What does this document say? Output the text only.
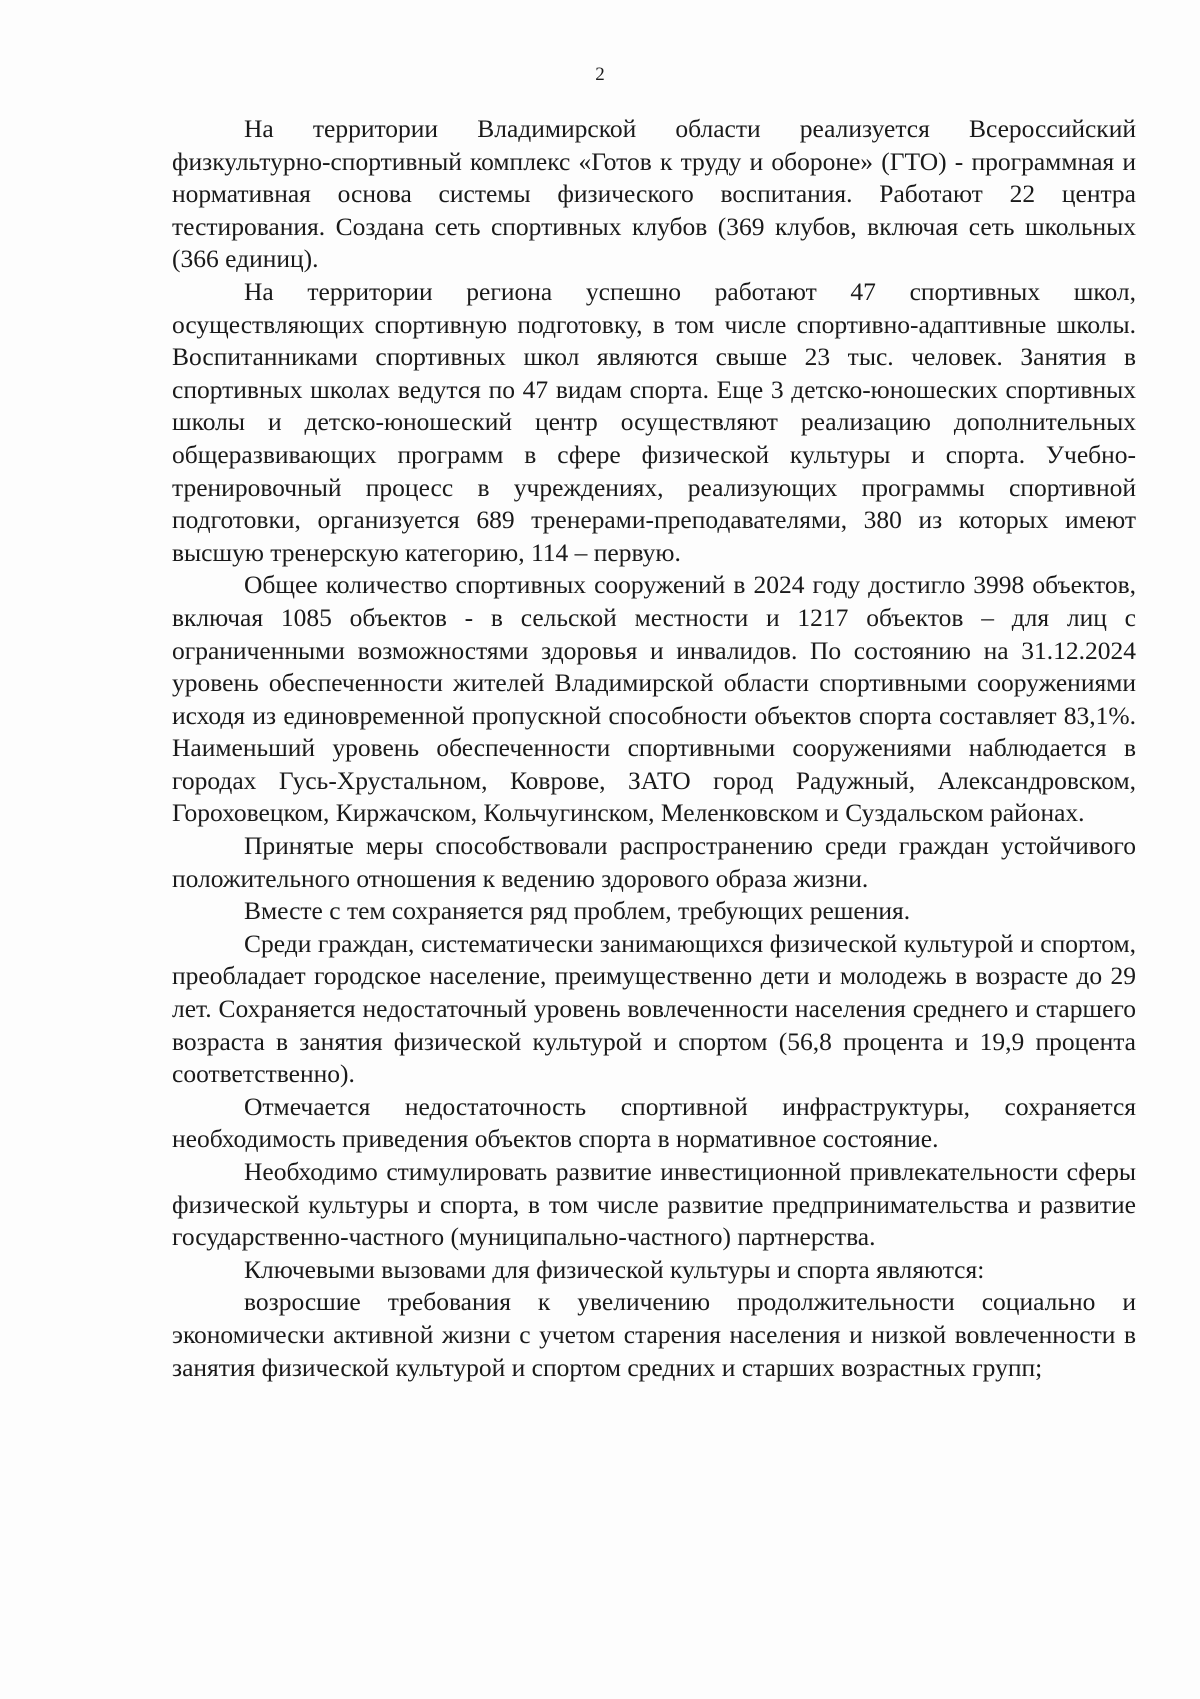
2

На территории Владимирской области реализуется Всероссийский физкультурно-спортивный комплекс «Готов к труду и обороне» (ГТО) - программная и нормативная основа системы физического воспитания. Работают 22 центра тестирования. Создана сеть спортивных клубов (369 клубов, включая сеть школьных (366 единиц).

На территории региона успешно работают 47 спортивных школ, осуществляющих спортивную подготовку, в том числе спортивно-адаптивные школы. Воспитанниками спортивных школ являются свыше 23 тыс. человек. Занятия в спортивных школах ведутся по 47 видам спорта. Еще 3 детско-юношеских спортивных школы и детско-юношеский центр осуществляют реализацию дополнительных общеразвивающих программ в сфере физической культуры и спорта. Учебно-тренировочный процесс в учреждениях, реализующих программы спортивной подготовки, организуется 689 тренерами-преподавателями, 380 из которых имеют высшую тренерскую категорию, 114 – первую.

Общее количество спортивных сооружений в 2024 году достигло 3998 объектов, включая 1085 объектов - в сельской местности и 1217 объектов – для лиц с ограниченными возможностями здоровья и инвалидов. По состоянию на 31.12.2024 уровень обеспеченности жителей Владимирской области спортивными сооружениями исходя из единовременной пропускной способности объектов спорта составляет 83,1%. Наименьший уровень обеспеченности спортивными сооружениями наблюдается в городах Гусь-Хрустальном, Коврове, ЗАТО город Радужный, Александровском, Гороховецком, Киржачском, Кольчугинском, Меленковском и Суздальском районах.

Принятые меры способствовали распространению среди граждан устойчивого положительного отношения к ведению здорового образа жизни.

Вместе с тем сохраняется ряд проблем, требующих решения.

Среди граждан, систематически занимающихся физической культурой и спортом, преобладает городское население, преимущественно дети и молодежь в возрасте до 29 лет. Сохраняется недостаточный уровень вовлеченности населения среднего и старшего возраста в занятия физической культурой и спортом (56,8 процента и 19,9 процента соответственно).

Отмечается недостаточность спортивной инфраструктуры, сохраняется необходимость приведения объектов спорта в нормативное состояние.

Необходимо стимулировать развитие инвестиционной привлекательности сферы физической культуры и спорта, в том числе развитие предпринимательства и развитие государственно-частного (муниципально-частного) партнерства.

Ключевыми вызовами для физической культуры и спорта являются:

возросшие требования к увеличению продолжительности социально и экономически активной жизни с учетом старения населения и низкой вовлеченности в занятия физической культурой и спортом средних и старших возрастных групп;
